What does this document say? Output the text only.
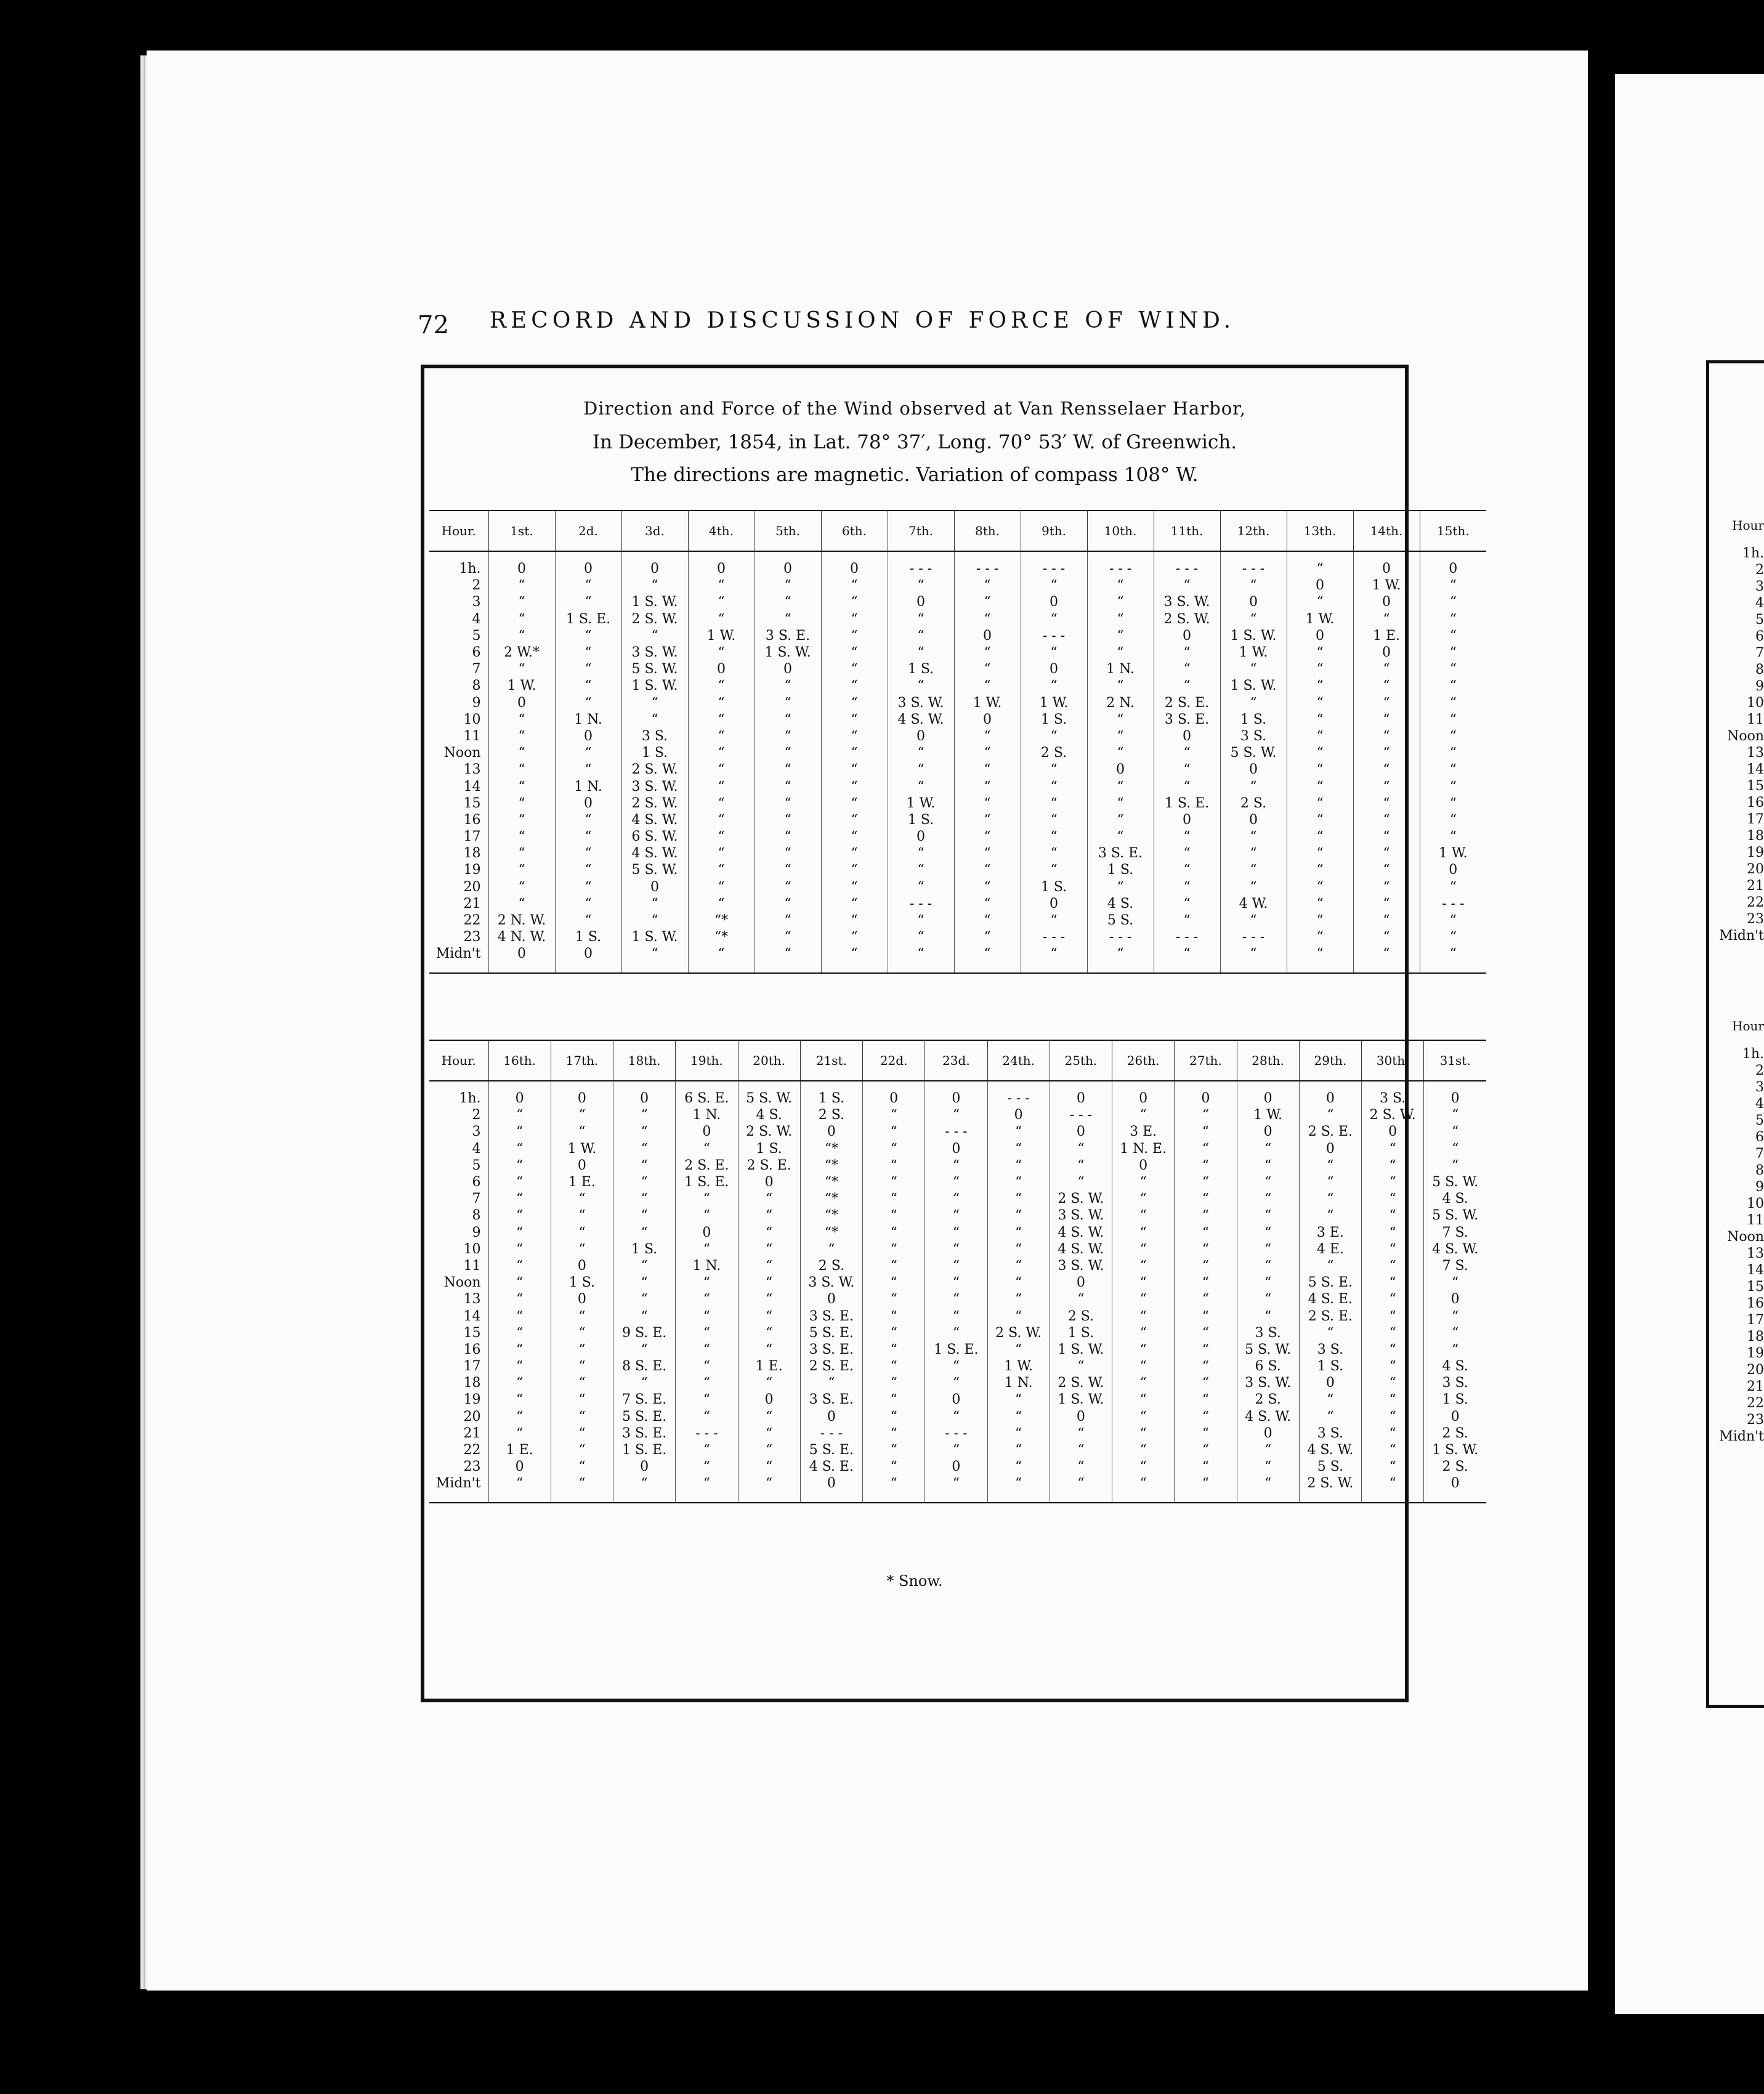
72	RECORD AND DISCUSSION OF FORCE OF WIND.
Direction and Force of the Wind observed at Van Rensselaer Harbor,
In December, 1854, in Lat. 78° 37′, Long. 70° 53′ W. of Greenwich.
The directions are magnetic. Variation of compass 108° W.
Hour.	1st.	2d.	3d.	4th.	5th.	6th.	7th.	8th.	9th.	10th.	11th.	12th.	13th.	14th.	15th.
1h.	0	0	0	0	0	0	- - -	- - -	- - -	- - -	- - -	- - -	“	0	0
2	“	“	“	“	“	“	“	“	“	“	“	“	0	1 W.	“
3	“	“	1 S. W.	“	“	“	0	“	0	“	3 S. W.	0	“	0	“
4	“	1 S. E.	2 S. W.	“	“	“	“	“	“	“	2 S. W.	“	1 W.	“	“
5	“	“	“	1 W.	3 S. E.	“	“	0	- - -	“	0	1 S. W.	0	1 E.	“
6	2 W.*	“	3 S. W.	“	1 S. W.	“	“	“	“	“	“	1 W.	“	0	“
7	“	“	5 S. W.	0	0	“	1 S.	“	0	1 N.	“	“	“	“	“
8	1 W.	“	1 S. W.	“	“	“	“	“	“	“	“	1 S. W.	“	“	“
9	0	“	“	“	“	“	3 S. W.	1 W.	1 W.	2 N.	2 S. E.	“	“	“	“
10	“	1 N.	“	“	“	“	4 S. W.	0	1 S.	“	3 S. E.	1 S.	“	“	“
11	“	0	3 S.	“	“	“	0	“	“	“	0	3 S.	“	“	“
Noon	“	“	1 S.	“	“	“	“	“	2 S.	“	“	5 S. W.	“	“	“
13	“	“	2 S. W.	“	“	“	“	“	“	0	“	0	“	“	“
14	“	1 N.	3 S. W.	“	“	“	“	“	“	“	“	“	“	“	“
15	“	0	2 S. W.	“	“	“	1 W.	“	“	“	1 S. E.	2 S.	“	“	“
16	“	“	4 S. W.	“	“	“	1 S.	“	“	“	0	0	“	“	“
17	“	“	6 S. W.	“	“	“	0	“	“	“	“	“	“	“	“
18	“	“	4 S. W.	“	“	“	“	“	“	3 S. E.	“	“	“	“	1 W.
19	“	“	5 S. W.	“	“	“	“	“	“	1 S.	“	“	“	“	0
20	“	“	0	“	“	“	“	“	1 S.	“	“	“	“	“	“
21	“	“	“	“	“	“	- - -	“	0	4 S.	“	4 W.	“	“	- - -
22	2 N. W.	“	“	“*	“	“	“	“	“	5 S.	“	“	“	“	“
23	4 N. W.	1 S.	1 S. W.	“*	“	“	“	“	- - -	- - -	- - -	- - -	“	“	“
Midn't	0	0	“	“	“	“	“	“	“	“	“	“	“	“	“
Hour.	16th.	17th.	18th.	19th.	20th.	21st.	22d.	23d.	24th.	25th.	26th.	27th.	28th.	29th.	30th.	31st.
1h.	0	0	0	6 S. E.	5 S. W.	1 S.	0	0	- - -	0	0	0	0	0	3 S.	0
2	“	“	“	1 N.	4 S.	2 S.	“	“	0	- - -	“	“	1 W.	“	2 S. W.	“
3	“	“	“	0	2 S. W.	0	“	- - -	“	0	3 E.	“	0	2 S. E.	0	“
4	“	1 W.	“	“	1 S.	“*	“	0	“	“	1 N. E.	“	“	0	“	“
5	“	0	“	2 S. E.	2 S. E.	“*	“	“	“	“	0	“	“	“	“	“
6	“	1 E.	“	1 S. E.	0	“*	“	“	“	“	“	“	“	“	“	5 S. W.
7	“	“	“	“	“	“*	“	“	“	2 S. W.	“	“	“	“	“	4 S.
8	“	“	“	“	“	“*	“	“	“	3 S. W.	“	“	“	“	“	5 S. W.
9	“	“	“	0	“	“*	“	“	“	4 S. W.	“	“	“	3 E.	“	7 S.
10	“	“	1 S.	“	“	“	“	“	“	4 S. W.	“	“	“	4 E.	“	4 S. W.
11	“	0	“	1 N.	“	2 S.	“	“	“	3 S. W.	“	“	“	“	“	7 S.
Noon	“	1 S.	“	“	“	3 S. W.	“	“	“	0	“	“	“	5 S. E.	“	“
13	“	0	“	“	“	0	“	“	“	“	“	“	“	4 S. E.	“	0
14	“	“	“	“	“	3 S. E.	“	“	“	2 S.	“	“	“	2 S. E.	“	“
15	“	“	9 S. E.	“	“	5 S. E.	“	“	2 S. W.	1 S.	“	“	3 S.	“	“	“
16	“	“	“	“	“	3 S. E.	“	1 S. E.	“	1 S. W.	“	“	5 S. W.	3 S.	“	“
17	“	“	8 S. E.	“	1 E.	2 S. E.	“	“	1 W.	“	“	“	6 S.	1 S.	“	4 S.
18	“	“	“	“	“	“	“	“	1 N.	2 S. W.	“	“	3 S. W.	0	“	3 S.
19	“	“	7 S. E.	“	0	3 S. E.	“	0	“	1 S. W.	“	“	2 S.	“	“	1 S.
20	“	“	5 S. E.	“	“	0	“	“	“	0	“	“	4 S. W.	“	“	0
21	“	“	3 S. E.	- - -	“	- - -	“	- - -	“	“	“	“	0	3 S.	“	2 S.
22	1 E.	“	1 S. E.	“	“	5 S. E.	“	“	“	“	“	“	“	4 S. W.	“	1 S. W.
23	0	“	0	“	“	4 S. E.	“	0	“	“	“	“	“	5 S.	“	2 S.
Midn't	“	“	“	“	“	0	“	“	“	“	“	“	“	2 S. W.	“	0
* Snow.
Hour
1h.
2
3
4
5
6
7
8
9
10
11
Noon
13
14
15
16
17
18
19
20
21
22
23
Midn't
Hour
1h.
2
3
4
5
6
7
8
9
10
11
Noon
13
14
15
16
17
18
19
20
21
22
23
Midn't
